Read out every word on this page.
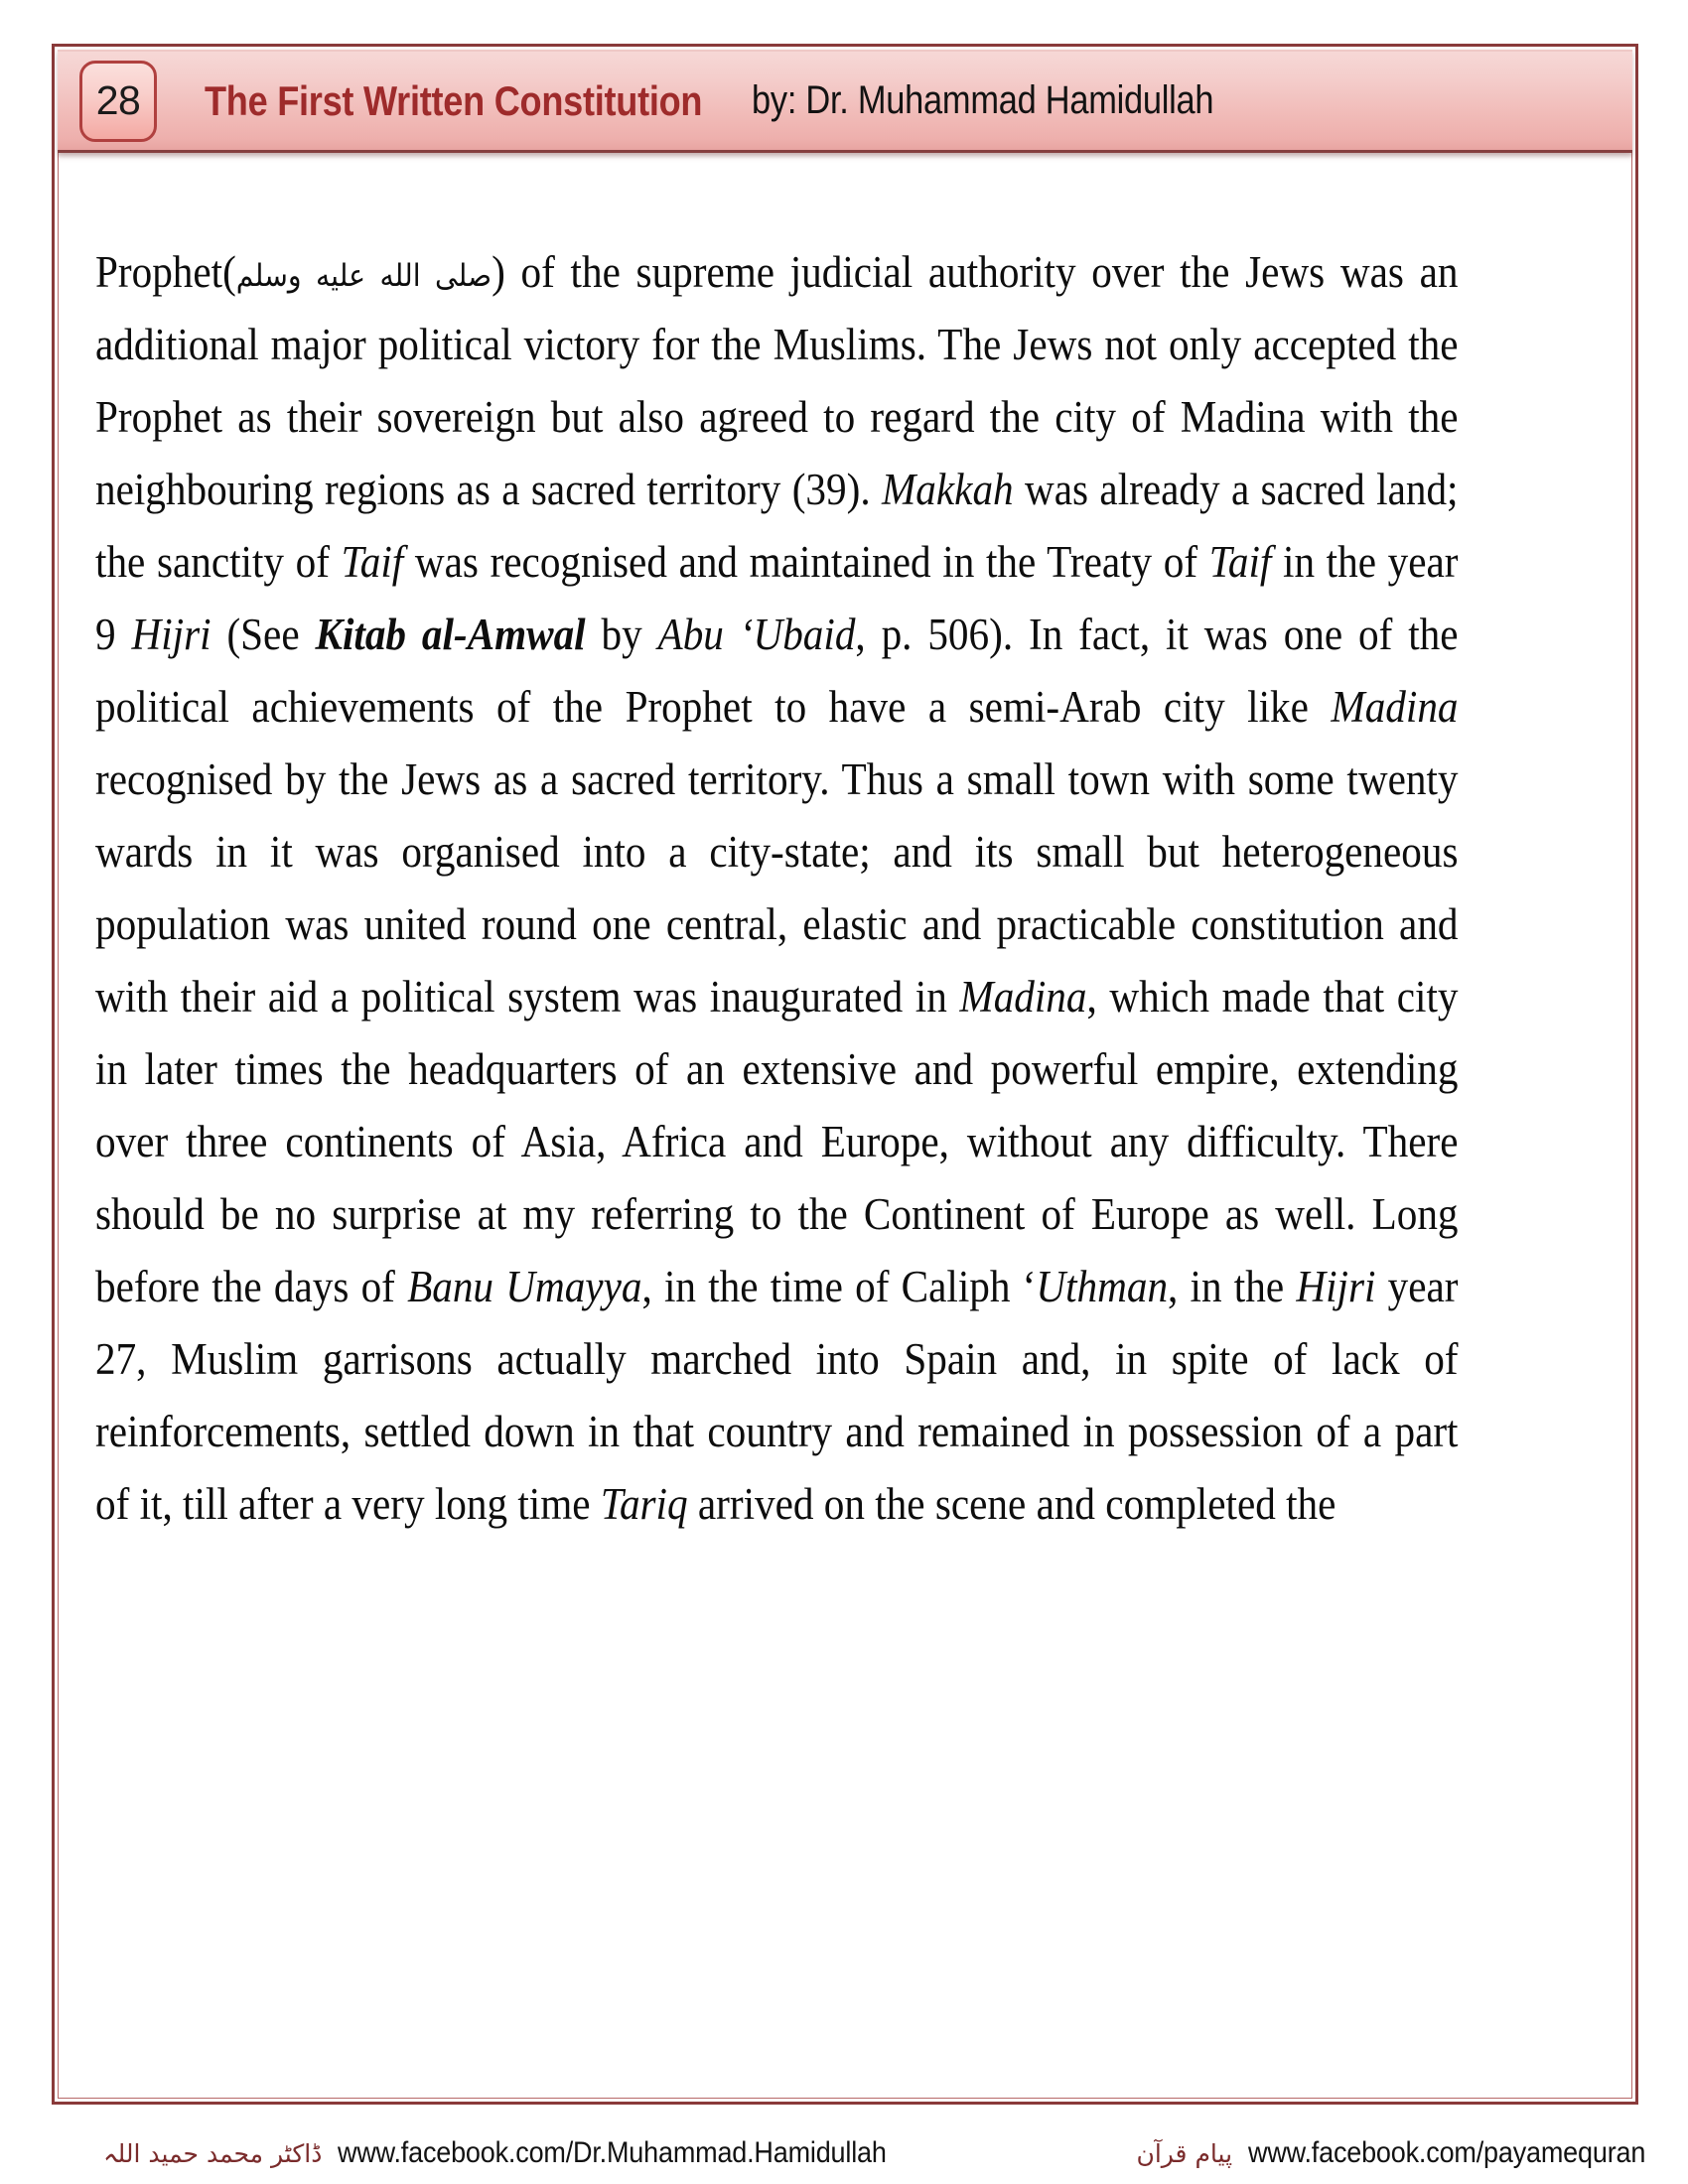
28 The First Written Constitution by: Dr. Muhammad Hamidullah
Prophet(صلى الله عليه وسلم) of the supreme judicial authority over the Jews was an additional major political victory for the Muslims. The Jews not only accepted the Prophet as their sovereign but also agreed to regard the city of Madina with the neighbouring regions as a sacred territory (39). Makkah was already a sacred land; the sanctity of Taif was recognised and maintained in the Treaty of Taif in the year 9 Hijri (See Kitab al-Amwal by Abu ‘Ubaid, p. 506). In fact, it was one of the political achievements of the Prophet to have a semi-Arab city like Madina recognised by the Jews as a sacred territory. Thus a small town with some twenty wards in it was organised into a city-state; and its small but heterogeneous population was united round one central, elastic and practicable constitution and with their aid a political system was inaugurated in Madina, which made that city in later times the headquarters of an extensive and powerful empire, extending over three continents of Asia, Africa and Europe, without any difficulty. There should be no surprise at my referring to the Continent of Europe as well. Long before the days of Banu Umayya, in the time of Caliph ‘Uthman, in the Hijri year 27, Muslim garrisons actually marched into Spain and, in spite of lack of reinforcements, settled down in that country and remained in possession of a part of it, till after a very long time Tariq arrived on the scene and completed the
ڈاکٹر محمد حمید اللہ www.facebook.com/Dr.Muhammad.Hamidullah	پیام قرآن www.facebook.com/payamequran
